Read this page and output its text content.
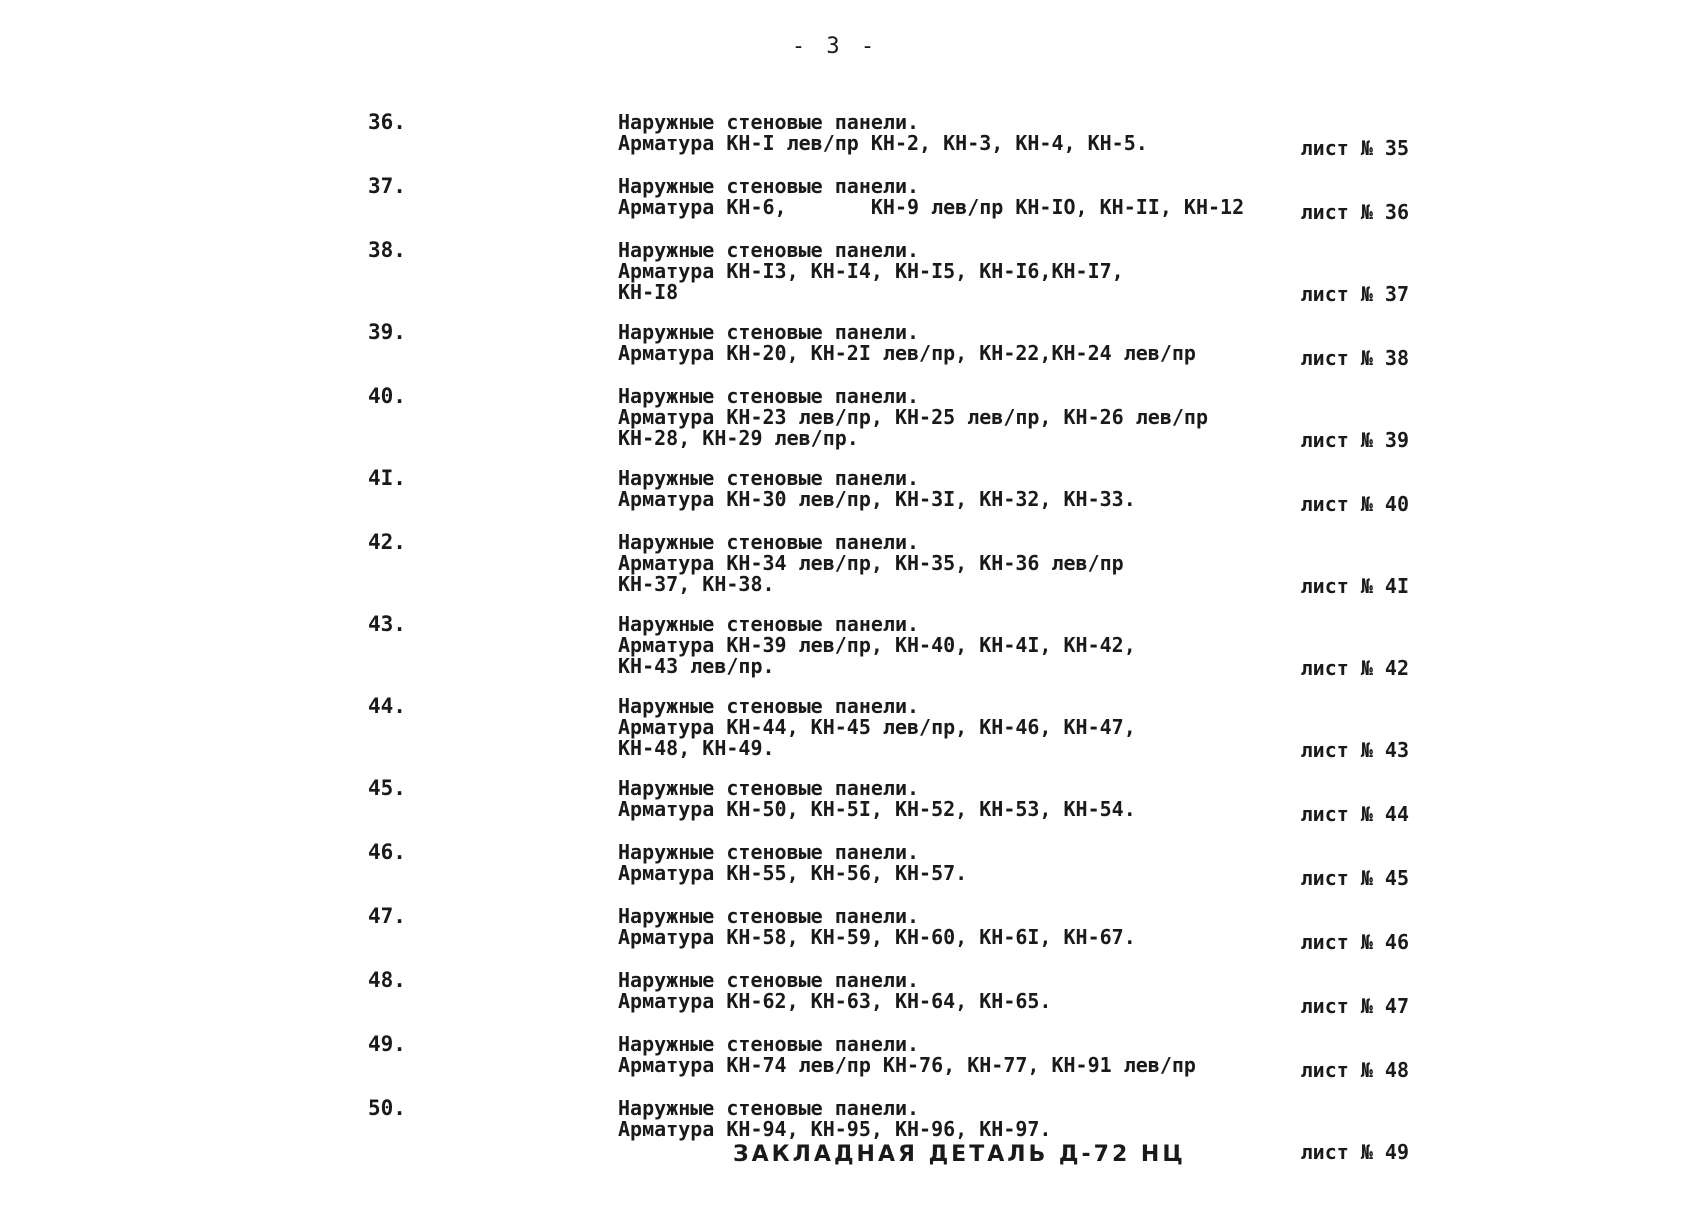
- 3 -
36.	Наружные стеновые панели.
Арматура КН-I лев/пр КН-2, КН-3, КН-4, КН-5.	лист № 35
37.	Наружные стеновые панели.
Арматура КН-6,       КН-9 лев/пр КН-IO, КН-II, КН-12	лист № 36
38.	Наружные стеновые панели.
Арматура КН-I3, КН-I4, КН-I5, КН-I6,КН-I7,
КН-I8	лист № 37
39.	Наружные стеновые панели.
Арматура КН-20, КН-2I лев/пр, КН-22,КН-24 лев/пр	лист № 38
40.	Наружные стеновые панели.
Арматура КН-23 лев/пр, КН-25 лев/пр, КН-26 лев/пр
КН-28, КН-29 лев/пр.	лист № 39
4I.	Наружные стеновые панели.
Арматура КН-30 лев/пр, КН-3I, КН-32, КН-33.	лист № 40
42.	Наружные стеновые панели.
Арматура КН-34 лев/пр, КН-35, КН-36 лев/пр
КН-37, КН-38.	лист № 4I
43.	Наружные стеновые панели.
Арматура КН-39 лев/пр, КН-40, КН-4I, КН-42,
КН-43 лев/пр.	лист № 42
44.	Наружные стеновые панели.
Арматура КН-44, КН-45 лев/пр, КН-46, КН-47,
КН-48, КН-49.	лист № 43
45.	Наружные стеновые панели.
Арматура КН-50, КН-5I, КН-52, КН-53, КН-54.	лист № 44
46.	Наружные стеновые панели.
Арматура КН-55, КН-56, КН-57.	лист № 45
47.	Наружные стеновые панели.
Арматура КН-58, КН-59, КН-60, КН-6I, КН-67.	лист № 46
48.	Наружные стеновые панели.
Арматура КН-62, КН-63, КН-64, КН-65.	лист № 47
49.	Наружные стеновые панели.
Арматура КН-74 лев/пр КН-76, КН-77, КН-91 лев/пр	лист № 48
50.	Наружные стеновые панели.
Арматура КН-94, КН-95, КН-96, КН-97.
ЗАКЛАДНАЯ ДЕТАЛЬ Д-72 НЦ	лист № 49
